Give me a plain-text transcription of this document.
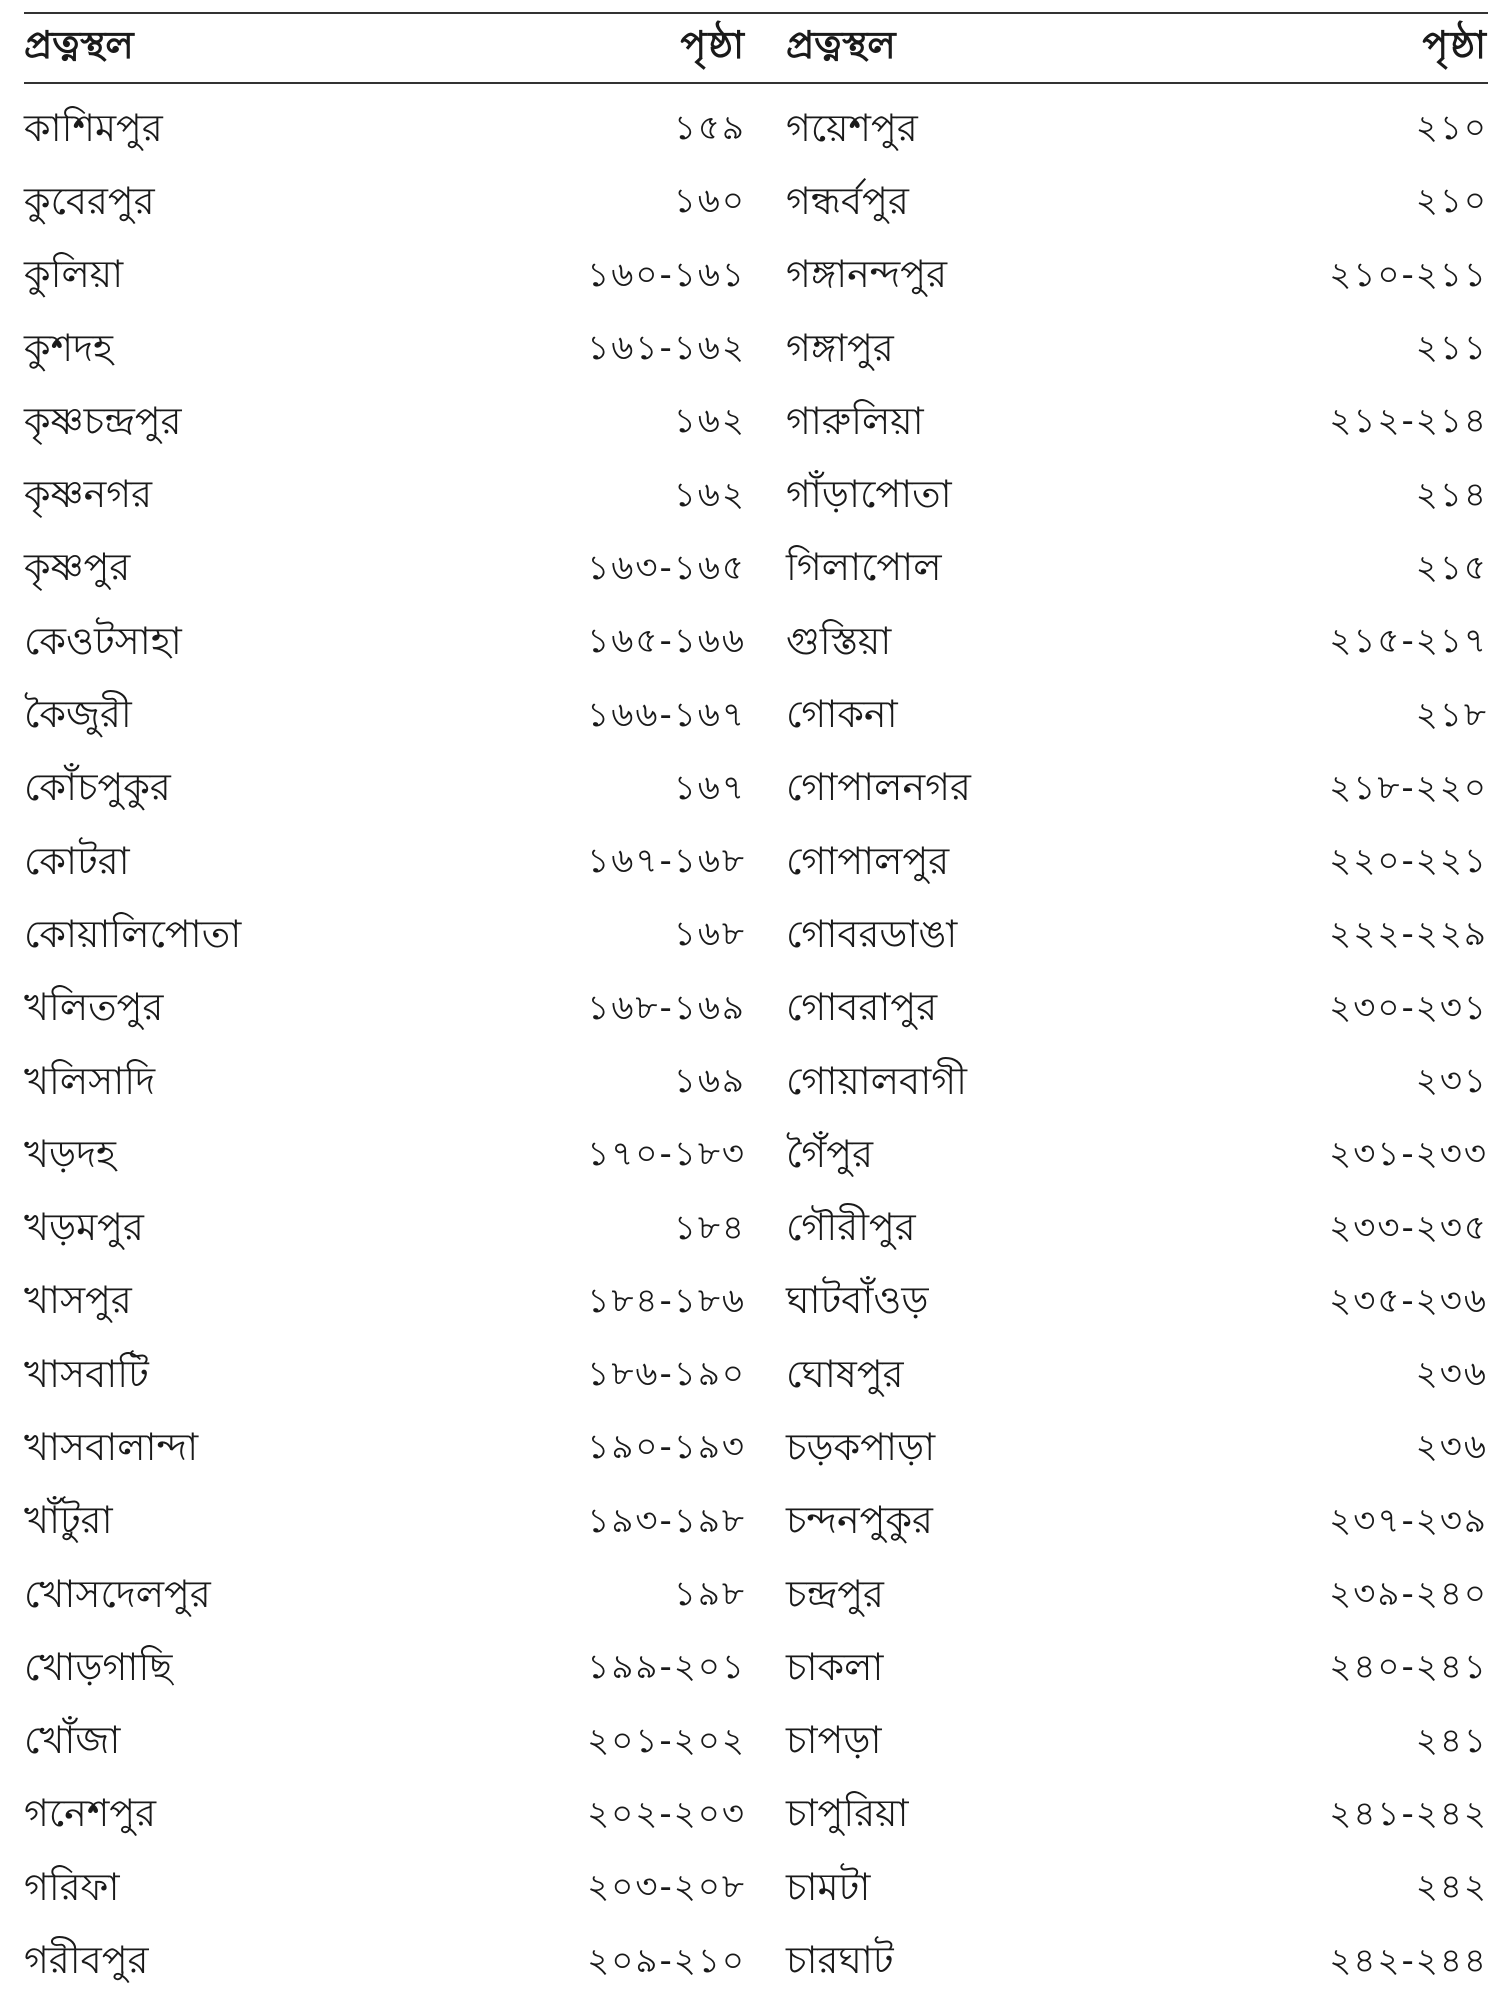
প্রত্নস্থল	পৃষ্ঠা প্রত্নস্থল	পৃষ্ঠা
কাশিমপুর	১৫৯ গয়েশপুর	২১০
কুবেরপুর	১৬০ গন্ধর্বপুর	২১০
কুলিয়া	১৬০-১৬১ গঙ্গানন্দপুর	২১০-২১১
কুশদহ	১৬১-১৬২ গঙ্গাপুর	২১১
কৃষ্ণচন্দ্রপুর	১৬২ গারুলিয়া	২১২-২১৪
কৃষ্ণনগর	১৬২ গাঁড়াপোতা	২১৪
কৃষ্ণপুর	১৬৩-১৬৫ গিলাপোল	২১৫
কেওটসাহা	১৬৫-১৬৬ গুস্তিয়া	২১৫-২১৭
কৈজুরী	১৬৬-১৬৭ গোকনা	২১৮
কোঁচপুকুর	১৬৭ গোপালনগর	২১৮-২২০
কোটরা	১৬৭-১৬৮ গোপালপুর	২২০-২২১
কোয়ালিপোতা	১৬৮ গোবরডাঙা	২২২-২২৯
খলিতপুর	১৬৮-১৬৯ গোবরাপুর	২৩০-২৩১
খলিসাদি	১৬৯ গোয়ালবাগী	২৩১
খড়দহ	১৭০-১৮৩ গৈঁপুর	২৩১-২৩৩
খড়মপুর	১৮৪ গৌরীপুর	২৩৩-২৩৫
খাসপুর	১৮৪-১৮৬ ঘাটবাঁওড়	২৩৫-২৩৬
খাসবাটি	১৮৬-১৯০ ঘোষপুর	২৩৬
খাসবালান্দা	১৯০-১৯৩ চড়কপাড়া	২৩৬
খাঁটুরা	১৯৩-১৯৮ চন্দনপুকুর	২৩৭-২৩৯
খোসদেলপুর	১৯৮ চন্দ্রপুর	২৩৯-২৪০
খোড়গাছি	১৯৯-২০১ চাকলা	২৪০-২৪১
খোঁজা	২০১-২০২ চাপড়া	২৪১
গনেশপুর	২০২-২০৩ চাপুরিয়া	২৪১-২৪২
গরিফা	২০৩-২০৮ চামটা	২৪২
গরীবপুর	২০৯-২১০ চারঘাট	২৪২-২৪৪
